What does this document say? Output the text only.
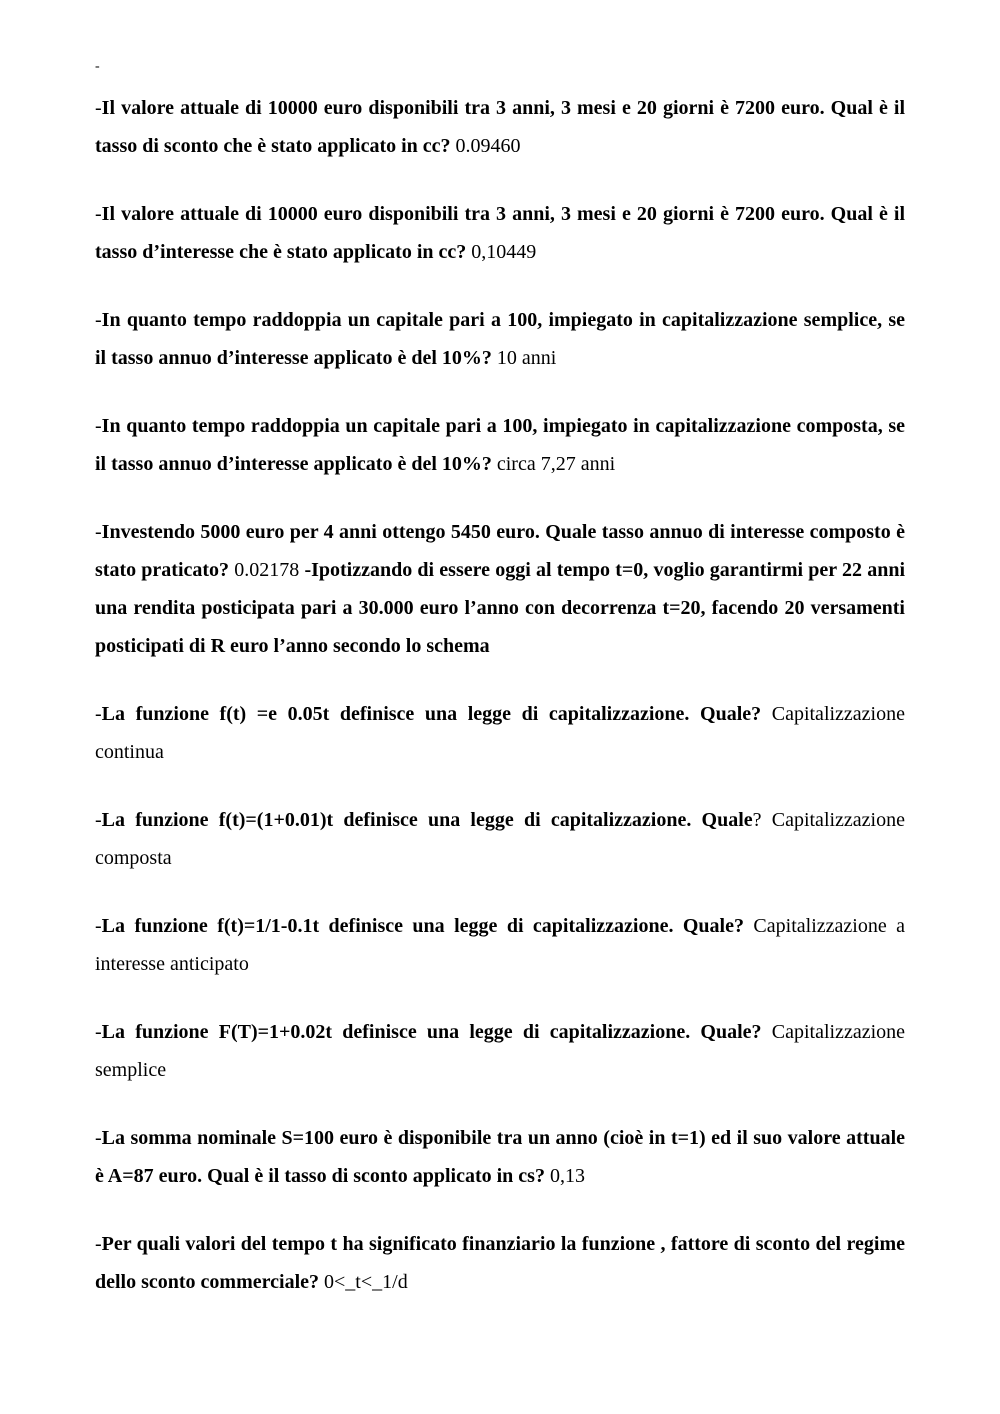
-

-Il valore attuale di 10000 euro disponibili tra 3 anni, 3 mesi e 20 giorni è 7200 euro. Qual è il tasso di sconto che è stato applicato in cc? 0.09460

-Il valore attuale di 10000 euro disponibili tra 3 anni, 3 mesi e 20 giorni è 7200 euro. Qual è il tasso d’interesse che è stato applicato in cc? 0,10449

-In quanto tempo raddoppia un capitale pari a 100, impiegato in capitalizzazione semplice, se il tasso annuo d’interesse applicato è del 10%? 10 anni

-In quanto tempo raddoppia un capitale pari a 100, impiegato in capitalizzazione composta, se il tasso annuo d’interesse applicato è del 10%? circa 7,27 anni

-Investendo 5000 euro per 4 anni ottengo 5450 euro. Quale tasso annuo di interesse composto è stato praticato? 0.02178 -Ipotizzando di essere oggi al tempo t=0, voglio garantirmi per 22 anni una rendita posticipata pari a 30.000 euro l’anno con decorrenza t=20, facendo 20 versamenti posticipati di R euro l’anno secondo lo schema

-La funzione f(t) =e 0.05t definisce una legge di capitalizzazione. Quale? Capitalizzazione continua

-La funzione f(t)=(1+0.01)t definisce una legge di capitalizzazione. Quale? Capitalizzazione composta

-La funzione f(t)=1/1-0.1t definisce una legge di capitalizzazione. Quale? Capitalizzazione a interesse anticipato

-La funzione F(T)=1+0.02t definisce una legge di capitalizzazione. Quale? Capitalizzazione semplice

-La somma nominale S=100 euro è disponibile tra un anno (cioè in t=1) ed il suo valore attuale è A=87 euro. Qual è il tasso di sconto applicato in cs? 0,13

-Per quali valori del tempo t ha significato finanziario la funzione , fattore di sconto del regime dello sconto commerciale? 0<_t<_1/d
